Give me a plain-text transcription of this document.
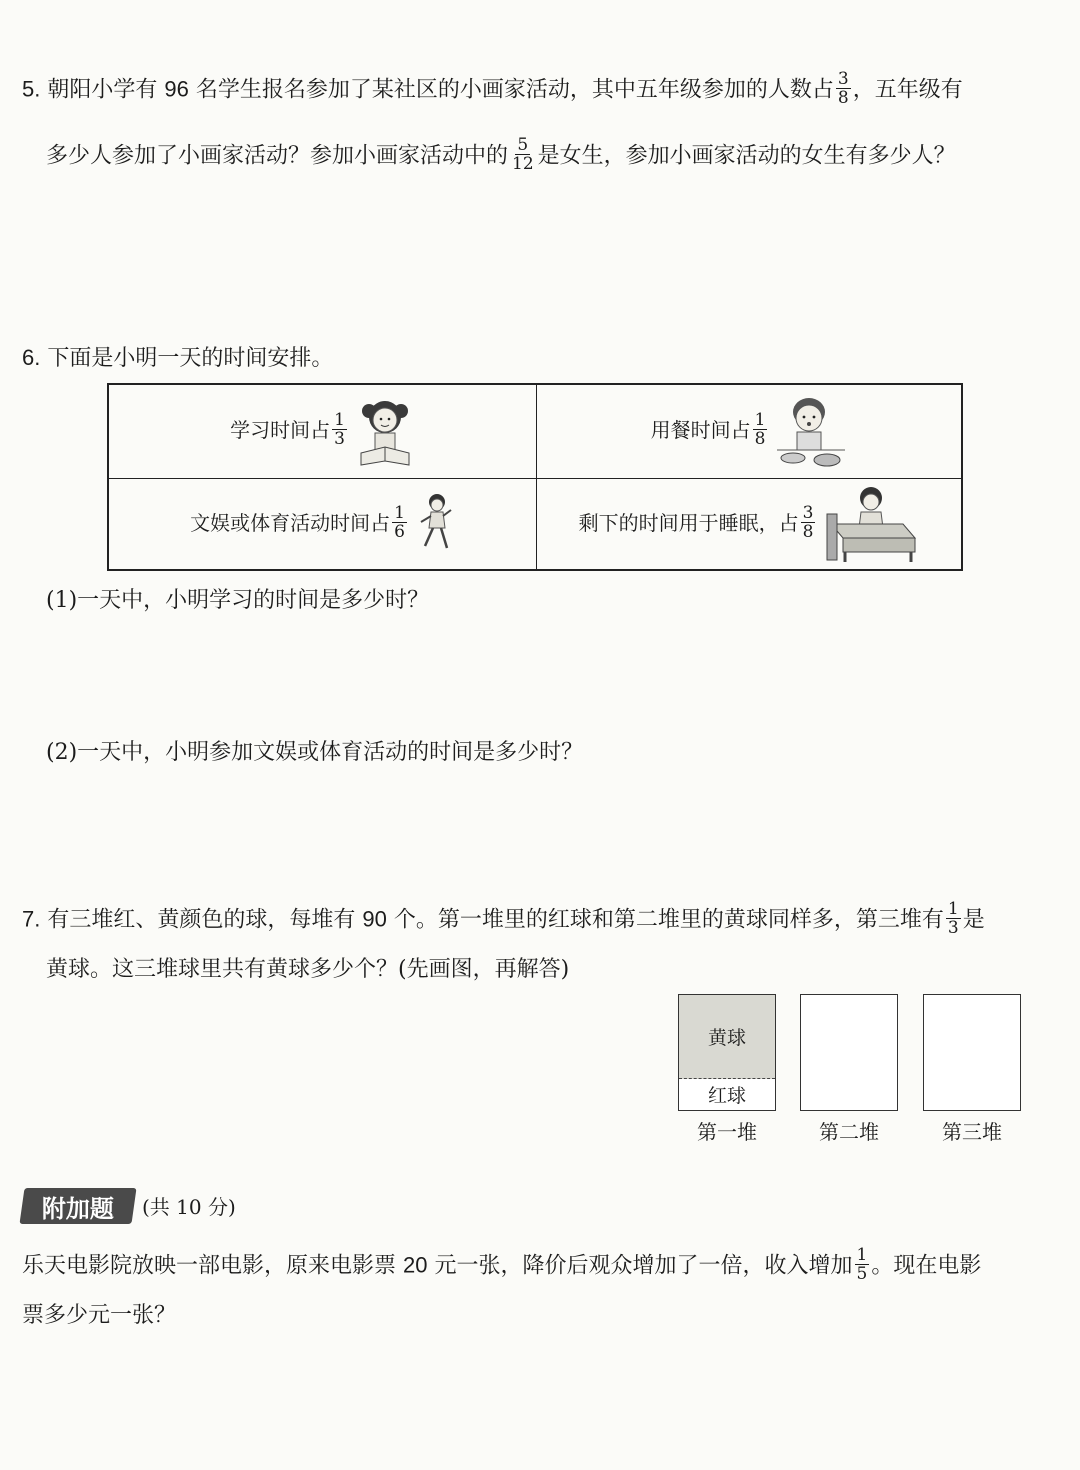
5. 朝阳小学有 96 名学生报名参加了某社区的小画家活动，其中五年级参加的人数占 $\frac{3}{8}$ ，五年级有
多少人参加了小画家活动？参加小画家活动中的 $\frac{5}{12}$ 是女生，参加小画家活动的女生有多少人？
6. 下面是小明一天的时间安排。
学习时间占 $\frac{1}{3}$	用餐时间占 $\frac{1}{8}$
文娱或体育活动时间占 $\frac{1}{6}$	剩下的时间用于睡眠，占 $\frac{3}{8}$
(1)一天中，小明学习的时间是多少时？
(2)一天中，小明参加文娱或体育活动的时间是多少时？
7. 有三堆红、黄颜色的球，每堆有 90 个。第一堆里的红球和第二堆里的黄球同样多，第三堆有 $\frac{1}{3}$ 是
黄球。这三堆球里共有黄球多少个？(先画图，再解答)
黄球
红球
第一堆	第二堆	第三堆
附加题 (共 10 分)
乐天电影院放映一部电影，原来电影票 20 元一张，降价后观众增加了一倍，收入增加 $\frac{1}{5}$ 。现在电影
票多少元一张？
